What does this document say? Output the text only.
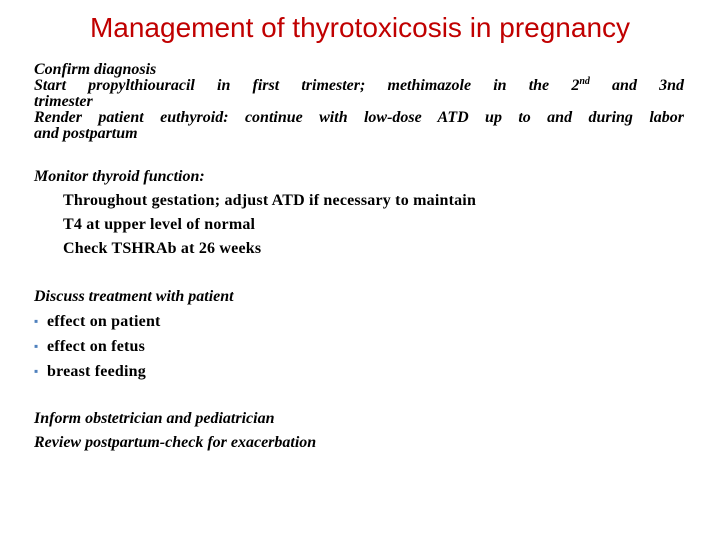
Management of thyrotoxicosis in pregnancy

Confirm diagnosis

Start propylthiouracil in first trimester; methimazole in the 2nd and 3nd

trimester

Render patient euthyroid: continue with low-dose ATD up to and during labor

and postpartum

Monitor thyroid function:

Throughout gestation; adjust ATD if necessary to maintain

T4 at upper level of normal

Check TSHRAb at 26 weeks

Discuss treatment with patient

▪ effect on patient

▪ effect on fetus

▪ breast feeding

Inform obstetrician and pediatrician

Review postpartum-check for exacerbation
